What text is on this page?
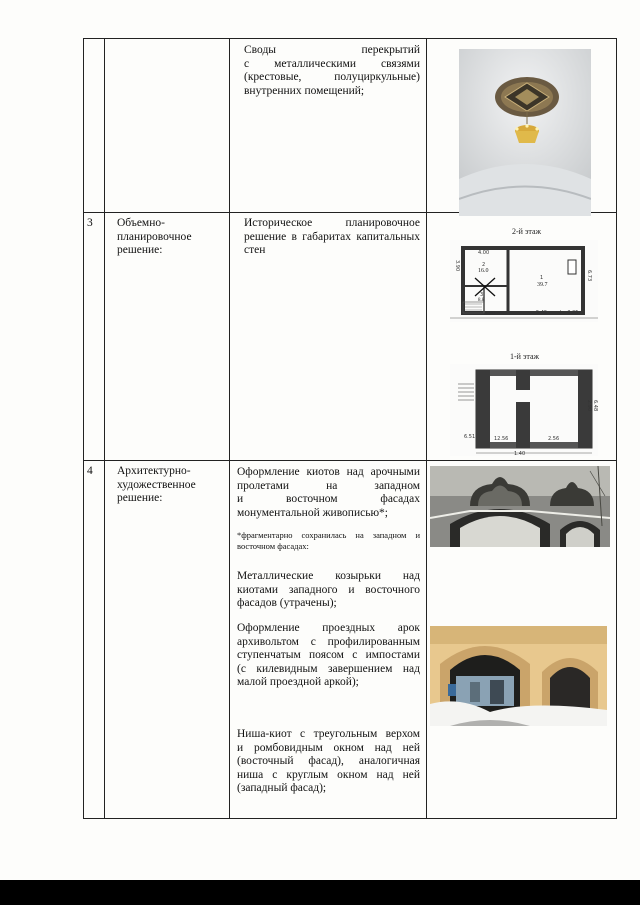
Своды перекрытий
с металлическими связями
(крестовые, полуциркульные)
внутренних помещений;
3 Объемно-
планировочное
решение:
Историческое планировочное
решение в габаритах капитальных
стен
2-й этаж
2
16.0
1
39.7
3
8.8
3.90
4.00
6.73
5.45	h=3.25
3.90
1-й этаж
2.90 6.48
6.51
1.40
12.56	2.56
4 Архитектурно-
художественное
решение:
Оформление киотов над арочными
пролетами на западном
и восточном фасадах
монументальной живописью*;
*фрагментарно сохранилась на западном и
восточном фасадах:
Металлические козырьки над
киотами западного и восточного
фасадов (утрачены);
Оформление проездных арок
архивольтом с профилированным
ступенчатым поясом с импостами
(с килевидным завершением над
малой проездной аркой);
Ниша-киот с треугольным верхом
и ромбовидным окном над ней
(восточный фасад), аналогичная
ниша с круглым окном над ней
(западный фасад);
